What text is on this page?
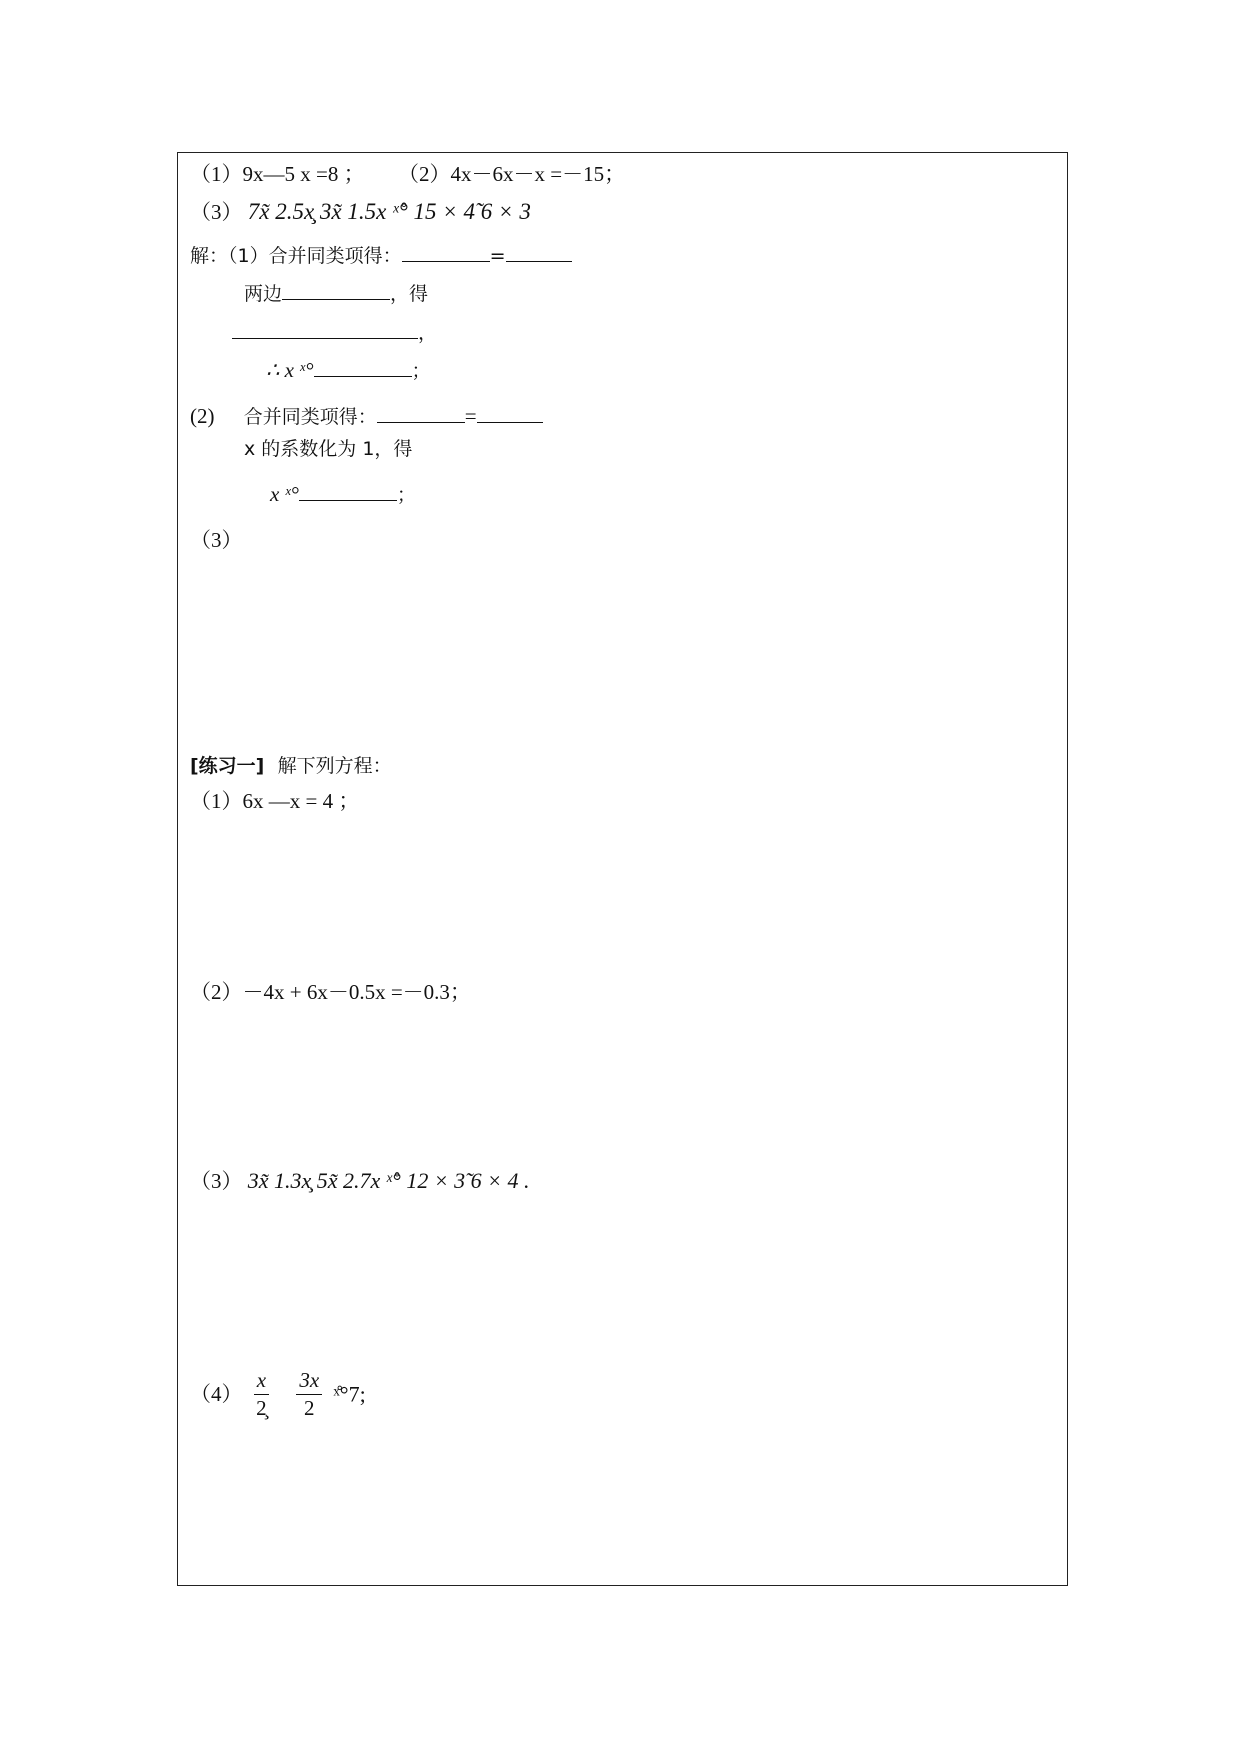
（1）9x—5 x =8 ； （2）4x－6x－x =－15；
（3） 7x̃ 2.5x̧ 3x̃ 1.5x ˣ̊° 15 × 4̃ 6 × 3
解：（1）合并同类项得：	=
两边	，得
，
∴ x ˣ°	；
(2) 合并同类项得：	=
x 的系数化为 1，得
x ˣ°	；
（3）
[练习一] 解下列方程：
（1）6x —x = 4 ；
（2）－4x + 6x－0.5x =－0.3；
（3） 3x̃ 1.3x̧ 5x̃ 2.7x ˣ̊° 12 × 3̃ 6 × 4 .
$(4) \frac{x}{2̧}$
$\frac{3x}{2}$ ˣ̊°7;
